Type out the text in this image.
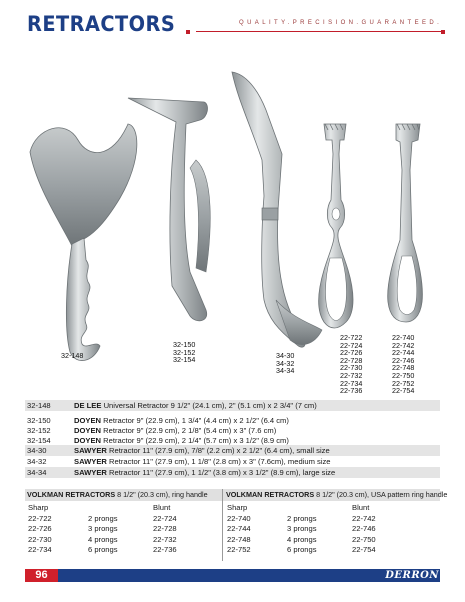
RETRACTORS	QUALITY.PRECISION.GUARANTEED.
32-148
32-150
32-152
32-154	34-30
34-32
34-34
22-722
22-724
22-726
22-728
22-730
22-732
22-734
22-736
22-740
22-742
22-744
22-746
22-748
22-750
22-752
22-754
32-148	DE LEE Universal Retractor 9 1/2" (24.1 cm), 2" (5.1 cm) x 2 3/4" (7 cm)
32-150	DOYEN Retractor 9" (22.9 cm), 1 3/4" (4.4 cm) x 2 1/2" (6.4 cm)
32-152	DOYEN Retractor 9" (22.9 cm), 2 1/8" (5.4 cm) x 3" (7.6 cm)
32-154	DOYEN Retractor 9" (22.9 cm), 2 1/4" (5.7 cm) x 3 1/2" (8.9 cm)
34-30	SAWYER Retractor 11" (27.9 cm), 7/8" (2.2 cm) x 2 1/2" (6.4 cm), small size
34-32	SAWYER Retractor 11" (27.9 cm), 1 1/8" (2.8 cm) x 3" (7.6cm), medium size
34-34	SAWYER Retractor 11" (27.9 cm), 1 1/2" (3.8 cm) x 3 1/2" (8.9 cm), large size
VOLKMAN RETRACTORS 8 1/2" (20.3 cm), ring handle
Sharp	Blunt
22-722	2 prongs	22-724
22-726	3 prongs	22-728
22-730	4 prongs	22-732
22-734	6 prongs	22-736
VOLKMAN RETRACTORS 8 1/2" (20.3 cm), USA pattern ring handle
Sharp	Blunt
22-740	2 prongs	22-742
22-744	3 prongs	22-746
22-748	4 prongs	22-750
22-752	6 prongs	22-754
96	DERRON
